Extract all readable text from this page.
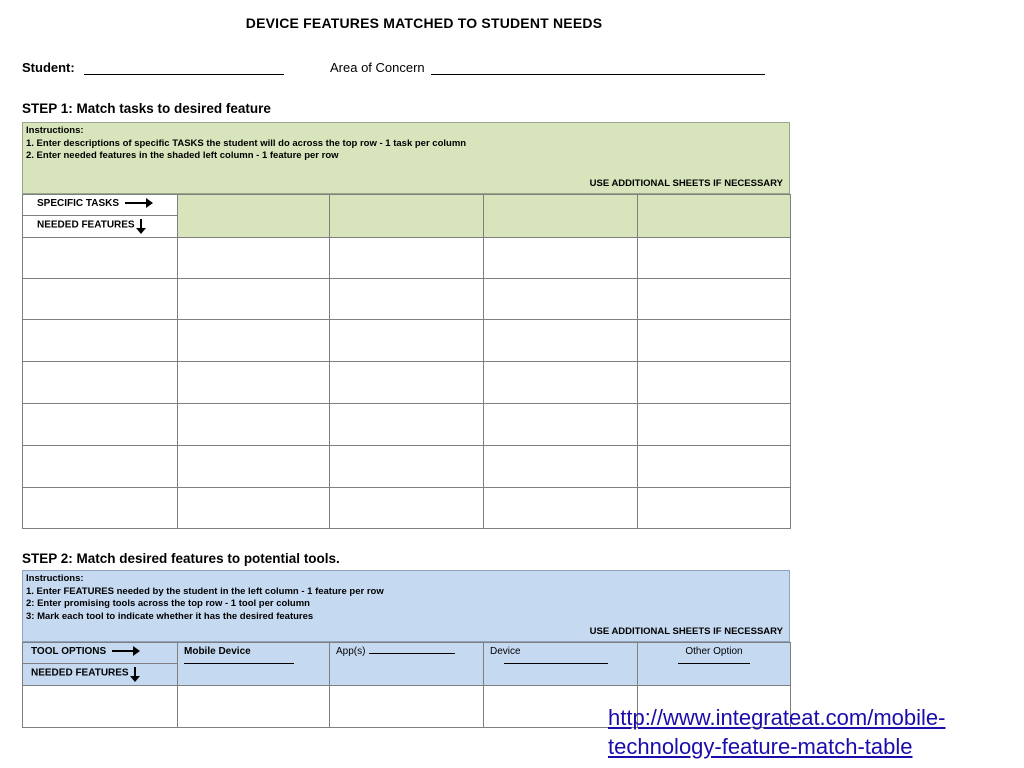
DEVICE FEATURES MATCHED TO STUDENT NEEDS
Student:	Area of Concern
STEP 1: Match tasks to desired feature
Instructions:
1. Enter descriptions of specific TASKS the student will do across the top row - 1 task per column
2. Enter needed features in the shaded left column - 1 feature per row
USE ADDITIONAL SHEETS IF NECESSARY
SPECIFIC TASKS
NEEDED FEATURES				

STEP 2: Match desired features to potential tools.
Instructions:
1. Enter FEATURES needed by the student in the left column - 1 feature per row
2: Enter promising tools across the top row - 1 tool per column
3: Mark each tool to indicate whether it has the desired features
USE ADDITIONAL SHEETS IF NECESSARY
TOOL OPTIONS
NEEDED FEATURES	Mobile Device	App(s)	Device	Other Option

http://www.integrateat.com/mobile-
technology-feature-match-table
